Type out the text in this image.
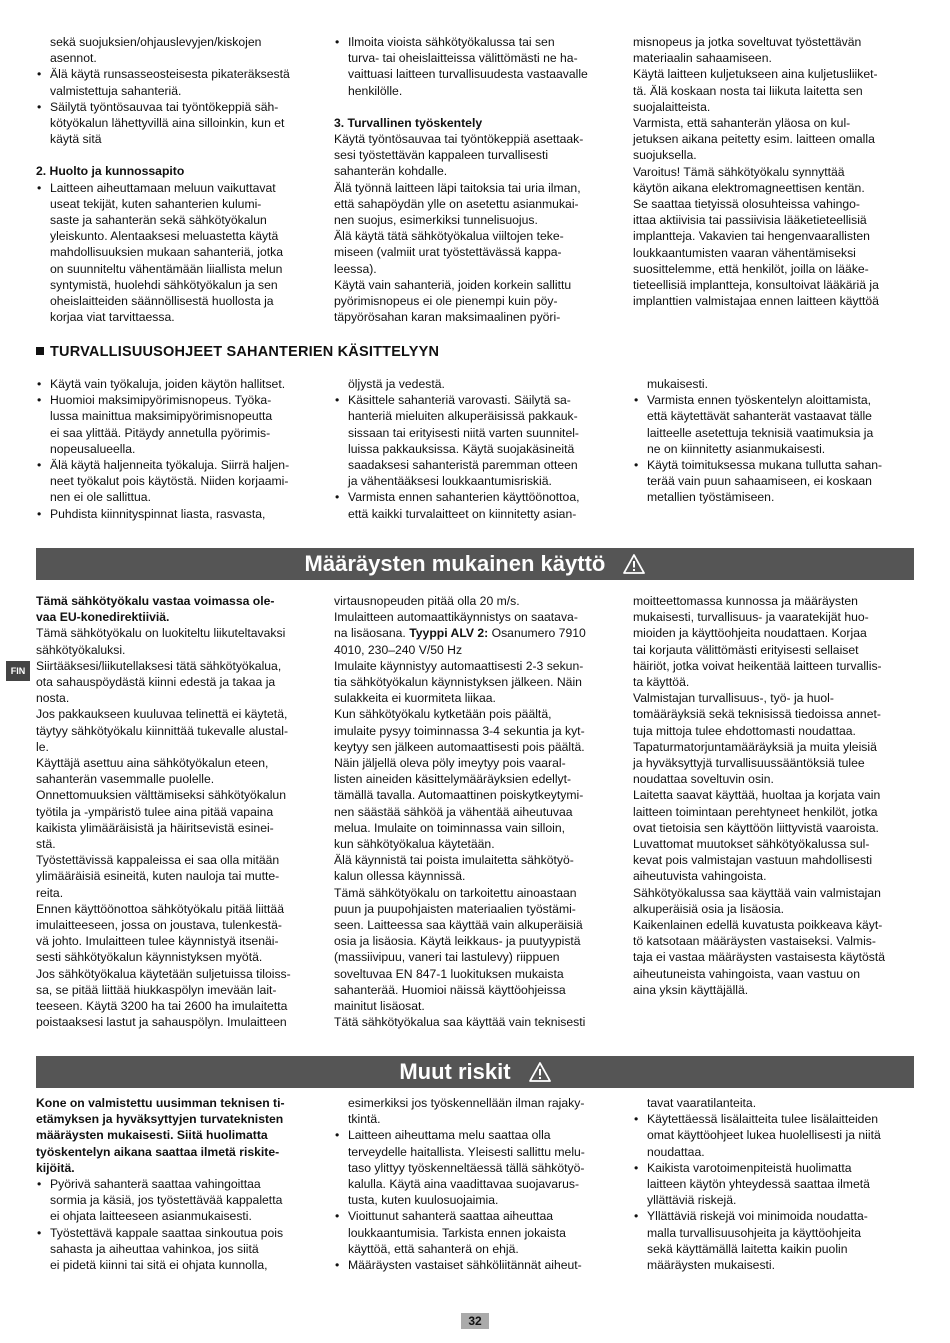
sekä suojuksien/ohjauslevyjen/kiskojen
asennot.

• Älä käytä runsasseosteisesta pikateräksestä
valmistettuja sahanteriä.

• Säilytä työntösauvaa tai työntökeppiä säh-
kötyökalun lähettyvillä aina silloinkin, kun et
käytä sitä

2. Huolto ja kunnossapito

• Laitteen aiheuttamaan meluun vaikuttavat
useat tekijät, kuten sahanterien kulumi-
saste ja sahanterän sekä sähkötyökalun
yleiskunto. Alentaaksesi meluastetta käytä
mahdollisuuksien mukaan sahanteriä, jotka
on suunniteltu vähentämään liiallista melun
syntymistä, huolehdi sähkötyökalun ja sen
oheislaitteiden säännöllisestä huollosta ja
korjaa viat tarvittaessa.

• Ilmoita vioista sähkötyökalussa tai sen
turva- tai oheislaitteissa välittömästi ne ha-
vaittuasi laitteen turvallisuudesta vastaavalle
henkilölle.

3. Turvallinen työskentely

Käytä työntösauvaa tai työntökeppiä asettaak-
sesi työstettävän kappaleen turvallisesti
sahanterän kohdalle.
Älä työnnä laitteen läpi taitoksia tai uria ilman,
että sahapöydän ylle on asetettu asianmukai-
nen suojus, esimerkiksi tunnelisuojus.
Älä käytä tätä sähkötyökalua viiltojen teke-
miseen (valmiit urat työstettävässä kappa-
leessa).
Käytä vain sahanteriä, joiden korkein sallittu
pyörimisnopeus ei ole pienempi kuin pöy-
täpyörösahan karan maksimaalinen pyöri-

misnopeus ja jotka soveltuvat työstettävän
materiaalin sahaamiseen.
Käytä laitteen kuljetukseen aina kuljetusliiket-
tä. Älä koskaan nosta tai liikuta laitetta sen
suojalaitteista.
Varmista, että sahanterän yläosa on kul-
jetuksen aikana peitetty esim. laitteen omalla
suojuksella.
Varoitus! Tämä sähkötyökalu synnyttää
käytön aikana elektromagneettisen kentän.
Se saattaa tietyissä olosuhteissa vahingo-
ittaa aktiivisia tai passiivisia lääketieteellisiä
implantteja. Vakavien tai hengenvaarallisten
loukkaantumisten vaaran vähentämiseksi
suosittelemme, että henkilöt, joilla on lääke-
tieteellisiä implantteja, konsultoivat lääkäriä ja
implanttien valmistajaa ennen laitteen käyttöä

TURVALLISUUSOHJEET SAHANTERIEN KÄSITTELYYN

• Käytä vain työkaluja, joiden käytön hallitset.

• Huomioi maksimipyörimisnopeus. Työka-
lussa mainittua maksimipyörimisnopeutta
ei saa ylittää. Pitäydy annetulla pyörimis-
nopeusalueella.

• Älä käytä haljenneita työkaluja. Siirrä haljen-
neet työkalut pois käytöstä. Niiden korjaami-
nen ei ole sallittua.

• Puhdista kiinnityspinnat liasta, rasvasta,

öljystä ja vedestä.

• Käsittele sahanteriä varovasti. Säilytä sa-
hanteriä mieluiten alkuperäisissä pakkauk-
sissaan tai erityisesti niitä varten suunnitel-
luissa pakkauksissa. Käytä suojakäsineitä
saadaksesi sahanteristä paremman otteen
ja vähentääksesi loukkaantumisriskiä.

• Varmista ennen sahanterien käyttöönottoa,
että kaikki turvalaitteet on kiinnitetty asian-

mukaisesti.

• Varmista ennen työskentelyn aloittamista,
että käytettävät sahanterät vastaavat tälle
laitteelle asetettuja teknisiä vaatimuksia ja
ne on kiinnitetty asianmukaisesti.

• Käytä toimituksessa mukana tullutta sahan-
terää vain puun sahaamiseen, ei koskaan
metallien työstämiseen.

Määräysten mukainen käyttö
FIN

Tämä sähkötyökalu vastaa voimassa ole-
vaa EU-konedirektiiviä.

Tämä sähkötyökalu on luokiteltu liikuteltavaksi
sähkötyökaluksi.
Siirtääksesi/liikutellaksesi tätä sähkötyökalua,
ota sahauspöydästä kiinni edestä ja takaa ja
nosta.
Jos pakkaukseen kuuluvaa telinettä ei käytetä,
täytyy sähkötyökalu kiinnittää tukevalle alustal-
le.
Käyttäjä asettuu aina sähkötyökalun eteen,
sahanterän vasemmalle puolelle.
Onnettomuuksien välttämiseksi sähkötyökalun
työtila ja -ympäristö tulee aina pitää vapaina
kaikista ylimääräisistä ja häiritsevistä esinei-
stä.
Työstettävissä kappaleissa ei saa olla mitään
ylimääräisiä esineitä, kuten nauloja tai mutte-
reita.
Ennen käyttöönottoa sähkötyökalu pitää liittää
imulaitteeseen, jossa on joustava, tulenkestä-
vä johto. Imulaitteen tulee käynnistyä itsenäi-
sesti sähkötyökalun käynnistyksen myötä.
Jos sähkötyökalua käytetään suljetuissa tiloiss-
sa, se pitää liittää hiukkaspölyn imevään lait-
teeseen. Käytä 3200 ha tai 2600 ha imulaitetta
poistaaksesi lastut ja sahauspölyn. Imulaitteen

virtausnopeuden pitää olla 20 m/s.
Imulaitteen automaattikäynnistys on saatava-
na lisäosana. Tyyppi ALV 2: Osanumero 7910
4010, 230–240 V/50 Hz
Imulaite käynnistyy automaattisesti 2-3 sekun-
tia sähkötyökalun käynnistyksen jälkeen. Näin
sulakkeita ei kuormiteta liikaa.
Kun sähkötyökalu kytketään pois päältä,
imulaite pysyy toiminnassa 3-4 sekuntia ja kyt-
keytyy sen jälkeen automaattisesti pois päältä.
Näin jäljellä oleva pöly imeytyy pois vaaral-
listen aineiden käsittelymääräyksien edellyt-
tämällä tavalla. Automaattinen poiskytkeytymi-
nen säästää sähköä ja vähentää aiheutuvaa
melua. Imulaite on toiminnassa vain silloin,
kun sähkötyökalua käytetään.
Älä käynnistä tai poista imulaitetta sähkötyö-
kalun ollessa käynnissä.
Tämä sähkötyökalu on tarkoitettu ainoastaan
puun ja puupohjaisten materiaalien työstämi-
seen. Laitteessa saa käyttää vain alkuperäisiä
osia ja lisäosia. Käytä leikkaus- ja puutyypistä
(massiivipuu, vaneri tai lastulevy) riippuen
soveltuvaa EN 847-1 luokituksen mukaista
sahanterää. Huomioi näissä käyttöohjeissa
mainitut lisäosat.
Tätä sähkötyökalua saa käyttää vain teknisesti

moitteettomassa kunnossa ja määräysten
mukaisesti, turvallisuus- ja vaaratekijät huo-
mioiden ja käyttöohjeita noudattaen. Korjaa
tai korjauta välittömästi erityisesti sellaiset
häiriöt, jotka voivat heikentää laitteen turvallis-
ta käyttöä.
Valmistajan turvallisuus-, työ- ja huol-
tomääräyksiä sekä teknisissä tiedoissa annet-
tuja mittoja tulee ehdottomasti noudattaa.
Tapaturmatorjuntamääräyksiä ja muita yleisiä
ja hyväksyttyjä turvallisuussääntöksiä tulee
noudattaa soveltuvin osin.
Laitetta saavat käyttää, huoltaa ja korjata vain
laitteen toimintaan perehtyneet henkilöt, jotka
ovat tietoisia sen käyttöön liittyvistä vaaroista.
Luvattomat muutokset sähkötyökalussa sul-
kevat pois valmistajan vastuun mahdollisesti
aiheutuvista vahingoista.
Sähkötyökalussa saa käyttää vain valmistajan
alkuperäisiä osia ja lisäosia.
Kaikenlainen edellä kuvatusta poikkeava käyt-
tö katsotaan määräysten vastaiseksi. Valmis-
taja ei vastaa määräysten vastaisesta käytöstä
aiheutuneista vahingoista, vaan vastuu on
aina yksin käyttäjällä.

Muut riskit

Kone on valmistettu uusimman teknisen ti-
etämyksen ja hyväksyttyjen turvateknisten
määräysten mukaisesti. Siitä huolimatta
työskentelyn aikana saattaa ilmetä riskite-
kijöitä.

• Pyörivä sahanterä saattaa vahingoittaa
sormia ja käsiä, jos työstettävää kappaletta
ei ohjata laitteeseen asianmukaisesti.

• Työstettävä kappale saattaa sinkoutua pois
sahasta ja aiheuttaa vahinkoa, jos siitä
ei pidetä kiinni tai sitä ei ohjata kunnolla,

esimerkiksi jos työskennellään ilman rajaky-
tkintä.

• Laitteen aiheuttama melu saattaa olla
terveydelle haitallista. Yleisesti sallittu melu-
taso ylittyy työskenneltäessä tällä sähkötyö-
kalulla. Käytä aina vaadittavaa suojavarus-
tusta, kuten kuulosuojaimia.

• Vioittunut sahanterä saattaa aiheuttaa
loukkaantumisia. Tarkista ennen jokaista
käyttöä, että sahanterä on ehjä.

• Määräysten vastaiset sähköliitännät aiheut-

tavat vaaratilanteita.

• Käytettäessä lisälaitteita tulee lisälaitteiden
omat käyttöohjeet lukea huolellisesti ja niitä
noudattaa.

• Kaikista varotoimenpiteistä huolimatta
laitteen käytön yhteydessä saattaa ilmetä
yllättäviä riskejä.

• Yllättäviä riskejä voi minimoida noudatta-
malla turvallisuusohjeita ja käyttöohjeita
sekä käyttämällä laitetta kaikin puolin
määräysten mukaisesti.

32
